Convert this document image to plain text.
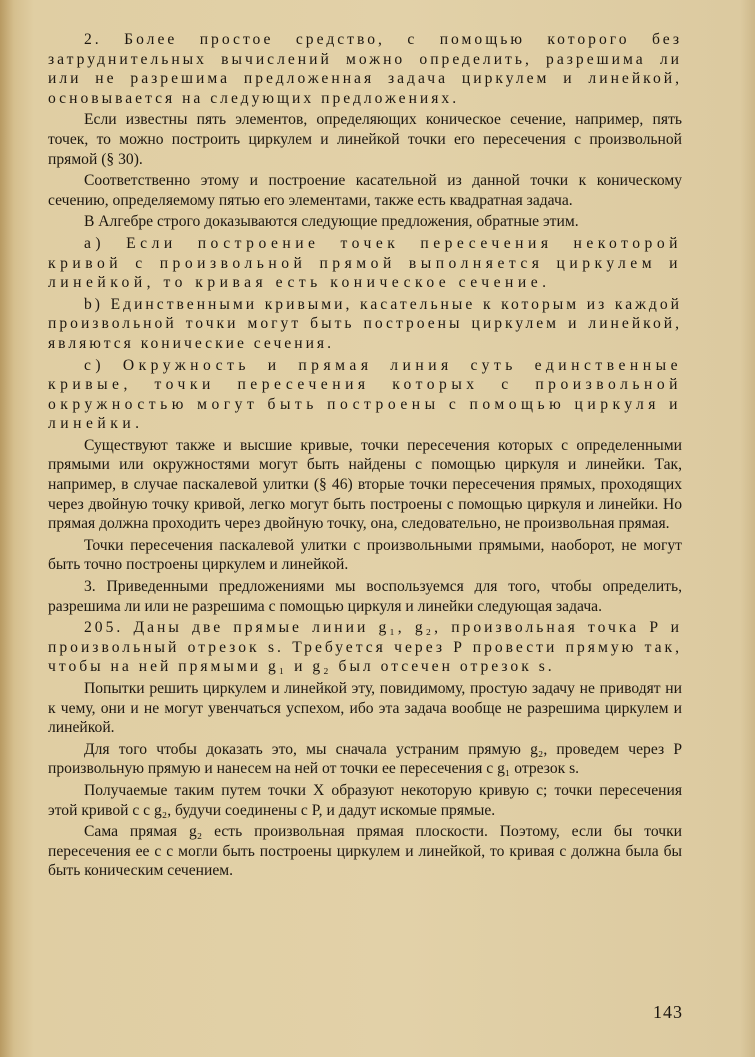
2. Более простое средство, с помощью которого без затруднительных вычислений можно определить, разрешима ли или не разрешима предложенная задача циркулем и линейкой, основывается на следующих предложениях.

Если известны пять элементов, определяющих коническое сечение, например, пять точек, то можно построить циркулем и линейкой точки его пересечения с произвольной прямой (§ 30).

Соответственно этому и построение касательной из данной точки к коническому сечению, определяемому пятью его элементами, также есть квадратная задача.

В Алгебре строго доказываются следующие предложения, обратные этим.

a) Если построение точек пересечения некоторой кривой с произвольной прямой выполняется циркулем и линейкой, то кривая есть коническое сечение.

b) Единственными кривыми, касательные к которым из каждой произвольной точки могут быть построены циркулем и линейкой, являются конические сечения.

c) Окружность и прямая линия суть единственные кривые, точки пересечения которых с произвольной окружностью могут быть построены с помощью циркуля и линейки.

Существуют также и высшие кривые, точки пересечения которых с определенными прямыми или окружностями могут быть найдены с помощью циркуля и линейки. Так, например, в случае паскалевой улитки (§ 46) вторые точки пересечения прямых, проходящих через двойную точку кривой, легко могут быть построены с помощью циркуля и линейки. Но прямая должна проходить через двойную точку, она, следовательно, не произвольная прямая.

Точки пересечения паскалевой улитки с произвольными прямыми, наоборот, не могут быть точно построены циркулем и линейкой.

3. Приведенными предложениями мы воспользуемся для того, чтобы определить, разрешима ли или не разрешима с помощью циркуля и линейки следующая задача.

205. Даны две прямые линии g₁, g₂, произвольная точка P и произвольный отрезок s. Требуется через P провести прямую так, чтобы на ней прямыми g₁ и g₂ был отсечен отрезок s.

Попытки решить циркулем и линейкой эту, повидимому, простую задачу не приводят ни к чему, они и не могут увенчаться успехом, ибо эта задача вообще не разрешима циркулем и линейкой.

Для того чтобы доказать это, мы сначала устраним прямую g₂, проведем через P произвольную прямую и нанесем на ней от точки ее пересечения с g₁ отрезок s.

Получаемые таким путем точки X образуют некоторую кривую c; точки пересечения этой кривой c с g₂, будучи соединены с P, и дадут искомые прямые.

Сама прямая g₂ есть произвольная прямая плоскости. Поэтому, если бы точки пересечения ее с c могли быть построены циркулем и линейкой, то кривая c должна была бы быть коническим сечением.

143
